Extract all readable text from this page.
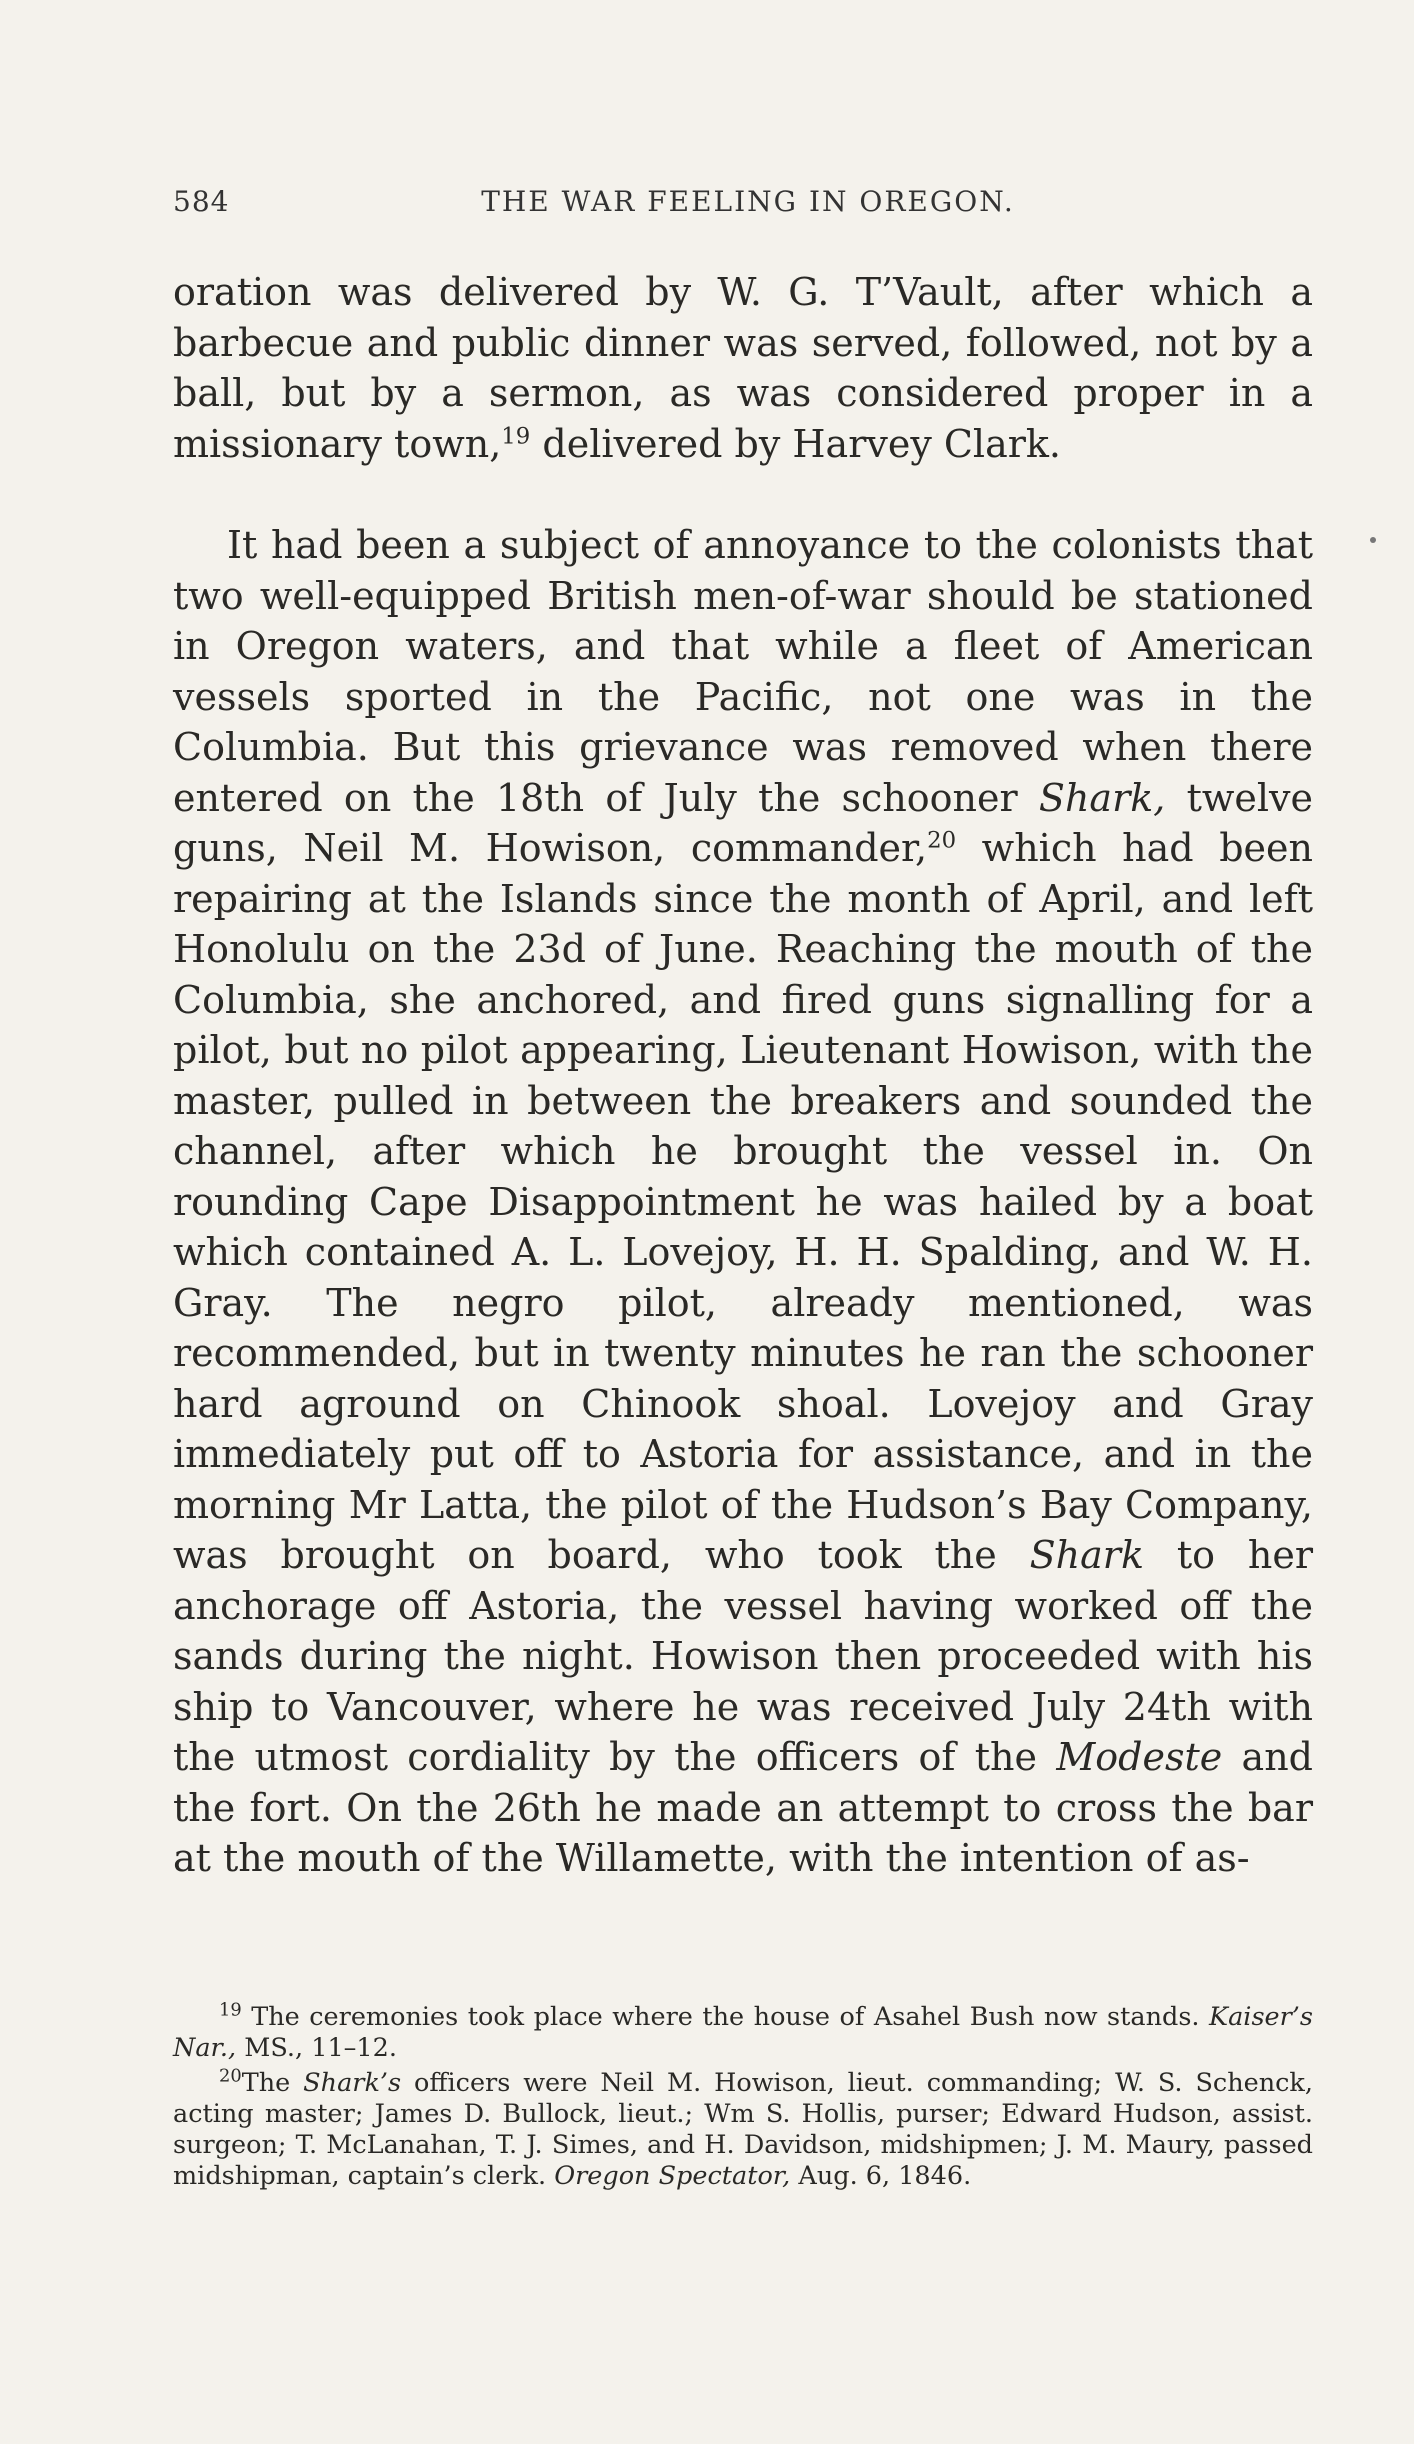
584	THE WAR FEELING IN OREGON.

oration was delivered by W. G. T’Vault, after which a barbecue and public dinner was served, followed, not by a ball, but by a sermon, as was considered proper in a missionary town,$^{19}$ delivered by Harvey Clark.

It had been a subject of annoyance to the colonists that two well-equipped British men-of-war should be stationed in Oregon waters, and that while a fleet of American vessels sported in the Pacific, not one was in the Columbia. But this grievance was removed when there entered on the 18th of July the schooner Shark, twelve guns, Neil M. Howison, commander,$^{20}$ which had been repairing at the Islands since the month of April, and left Honolulu on the 23d of June. Reaching the mouth of the Columbia, she anchored, and fired guns signalling for a pilot, but no pilot appearing, Lieutenant Howison, with the master, pulled in between the breakers and sounded the channel, after which he brought the vessel in. On rounding Cape Disappointment he was hailed by a boat which contained A. L. Lovejoy, H. H. Spalding, and W. H. Gray. The negro pilot, already mentioned, was recommended, but in twenty minutes he ran the schooner hard aground on Chinook shoal. Lovejoy and Gray immediately put off to Astoria for assistance, and in the morning Mr Latta, the pilot of the Hudson’s Bay Company, was brought on board, who took the Shark to her anchorage off Astoria, the vessel having worked off the sands during the night. Howison then proceeded with his ship to Vancouver, where he was received July 24th with the utmost cordiality by the officers of the Modeste and the fort. On the 26th he made an attempt to cross the bar at the mouth of the Willamette, with the intention of as-

$^{19}$ The ceremonies took place where the house of Asahel Bush now stands. Kaiser’s Nar., MS., 11–12.

$^{20}$The Shark’s officers were Neil M. Howison, lieut. commanding; W. S. Schenck, acting master; James D. Bullock, lieut.; Wm S. Hollis, purser; Edward Hudson, assist. surgeon; T. McLanahan, T. J. Simes, and H. Davidson, midshipmen; J. M. Maury, passed midshipman, captain’s clerk. Oregon Spectator, Aug. 6, 1846.
